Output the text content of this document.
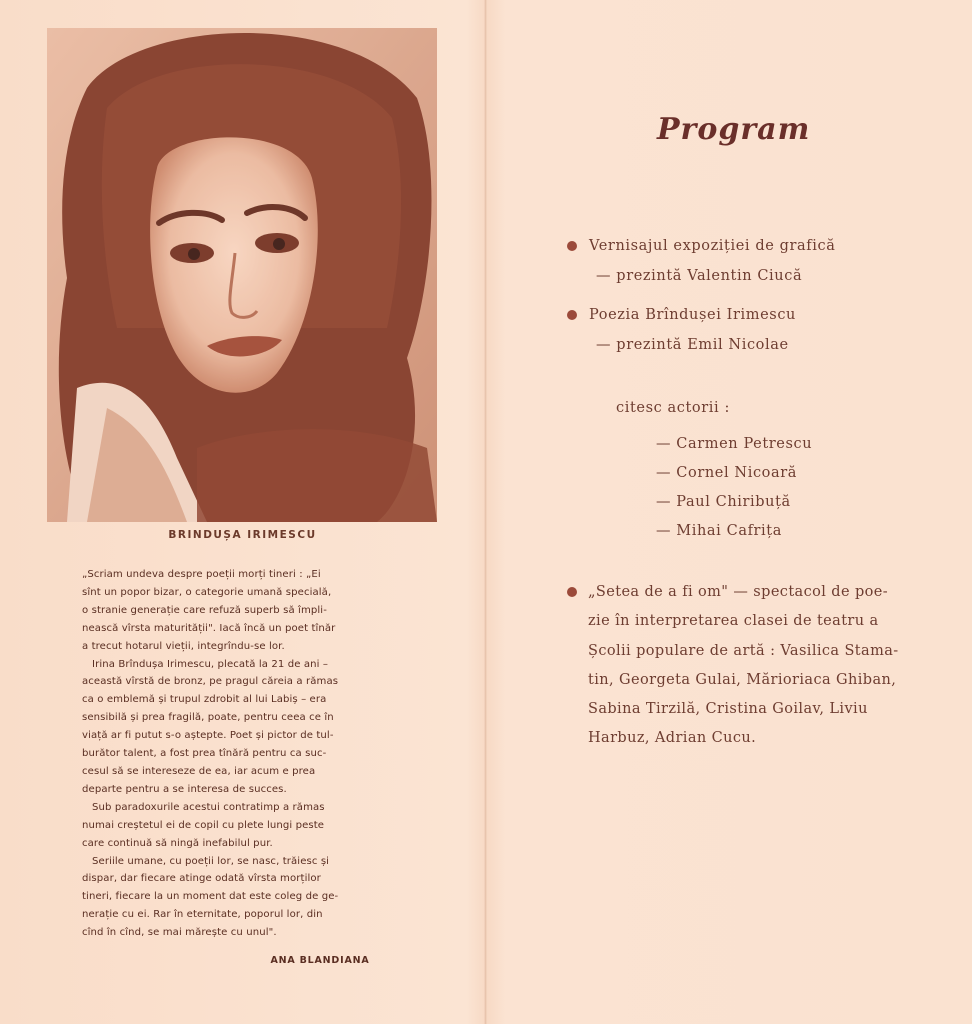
BRINDUȘA IRIMESCU
„Scriam undeva despre poeții morți tineri : „Ei
sînt un popor bizar, o categorie umană specială,
o stranie generație care refuză superb să împli-
nească vîrsta maturității". Iacă încă un poet tînăr
a trecut hotarul vieții, integrîndu-se lor.
Irina Brîndușa Irimescu, plecată la 21 de ani –
această vîrstă de bronz, pe pragul căreia a rămas
ca o emblemă și trupul zdrobit al lui Labiș – era
sensibilă și prea fragilă, poate, pentru ceea ce în
viață ar fi putut s-o aștepte. Poet și pictor de tul-
burător talent, a fost prea tînără pentru ca suc-
cesul să se intereseze de ea, iar acum e prea
departe pentru a se interesa de succes.
Sub paradoxurile acestui contratimp a rămas
numai creștetul ei de copil cu plete lungi peste
care continuă să ningă inefabilul pur.
Seriile umane, cu poeții lor, se nasc, trăiesc și
dispar, dar fiecare atinge odată vîrsta morților
tineri, fiecare la un moment dat este coleg de ge-
nerație cu ei. Rar în eternitate, poporul lor, din
cînd în cînd, se mai mărește cu unul".
ANA BLANDIANA
Program
Vernisajul expoziției de grafică
— prezintă Valentin Ciucă
Poezia Brîndușei Irimescu
— prezintă Emil Nicolae
citesc actorii :
— Carmen Petrescu
— Cornel Nicoară
— Paul Chiribuță
— Mihai Cafrița
„Setea de a fi om" — spectacol de poe-
zie în interpretarea clasei de teatru a
Școlii populare de artă : Vasilica Stama-
tin, Georgeta Gulai, Mărioriaca Ghiban,
Sabina Tirzilă, Cristina Goilav, Liviu
Harbuz, Adrian Cucu.
